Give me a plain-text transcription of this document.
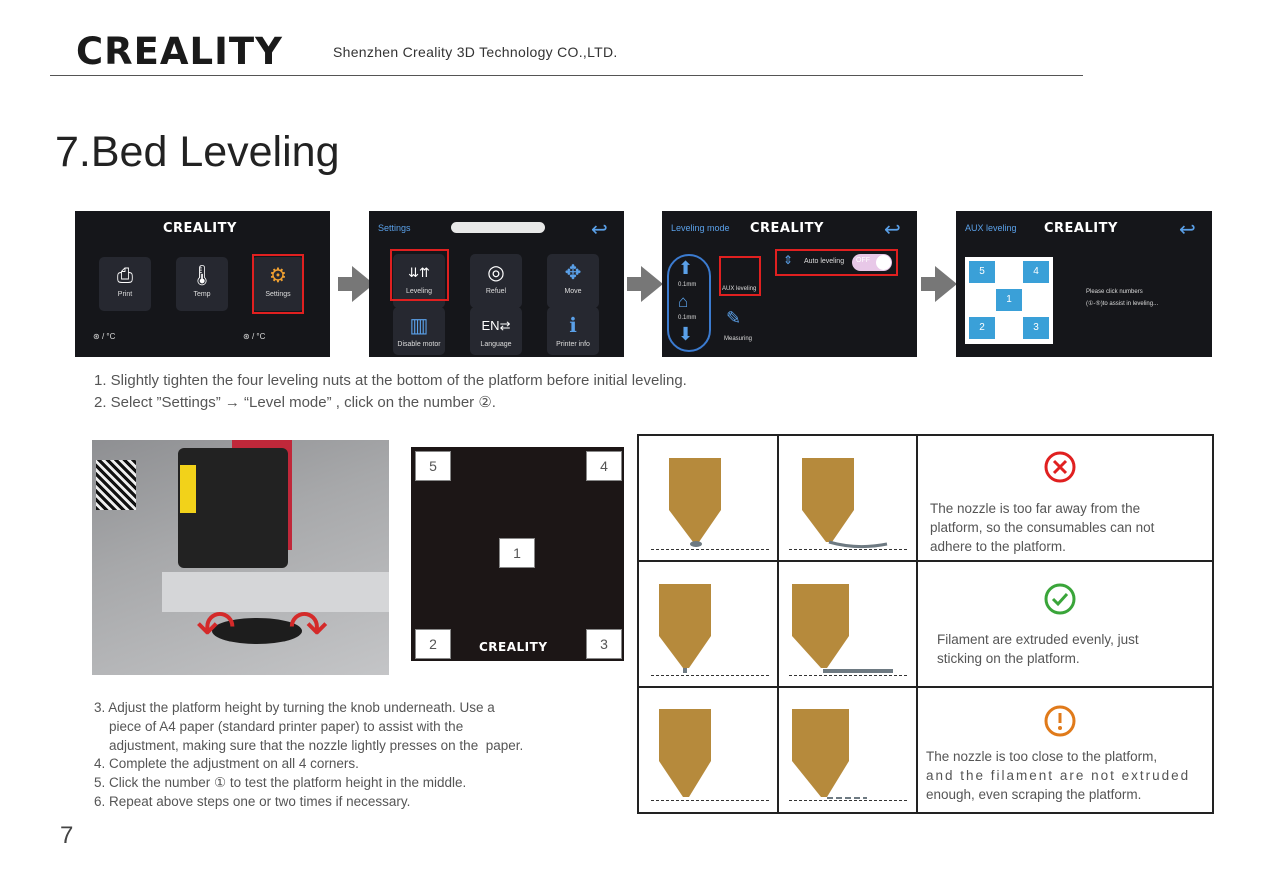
CREALITY	Shenzhen Creality 3D Technology CO.,LTD.
7.Bed Leveling
CREALITY
⎙
Print
🌡
Temp
⚙
Settings
⊛ / °C	⊛ / °C
Settings	↩
⇊⇈
Leveling
◎
Refuel
✥
Move
▥
Disable motor
EN⇄
Language
ℹ
Printer info
Leveling mode CREALITY	↩
⬆
0.1mm
⌂
0.1mm
⬇
AUX leveling
✎
Measuring
⇕ Auto leveling OFF
AUX leveling CREALITY	↩
5	4
1
2	3
Please click numbers
(①-⑤)to assist in leveling...
1. Slightly tighten the four leveling nuts at the bottom of the platform before initial leveling.
2. Select ”Settings” → “Level mode” , click on the number ②.
↶ ↷
5	4
1
2	3
CREALITY
3. Adjust the platform height by turning the knob underneath. Use a
piece of A4 paper (standard printer paper) to assist with the
adjustment, making sure that the nozzle lightly presses on the  paper.
4. Complete the adjustment on all 4 corners.
5. Click the number ① to test the platform height in the middle.
6. Repeat above steps one or two times if necessary.
The nozzle is too far away from the
platform, so the consumables can not
adhere to the platform.
Filament are extruded evenly, just
sticking on the platform.
The nozzle is too close to the platform,
and the filament are not extruded
enough, even scraping the platform.
7
